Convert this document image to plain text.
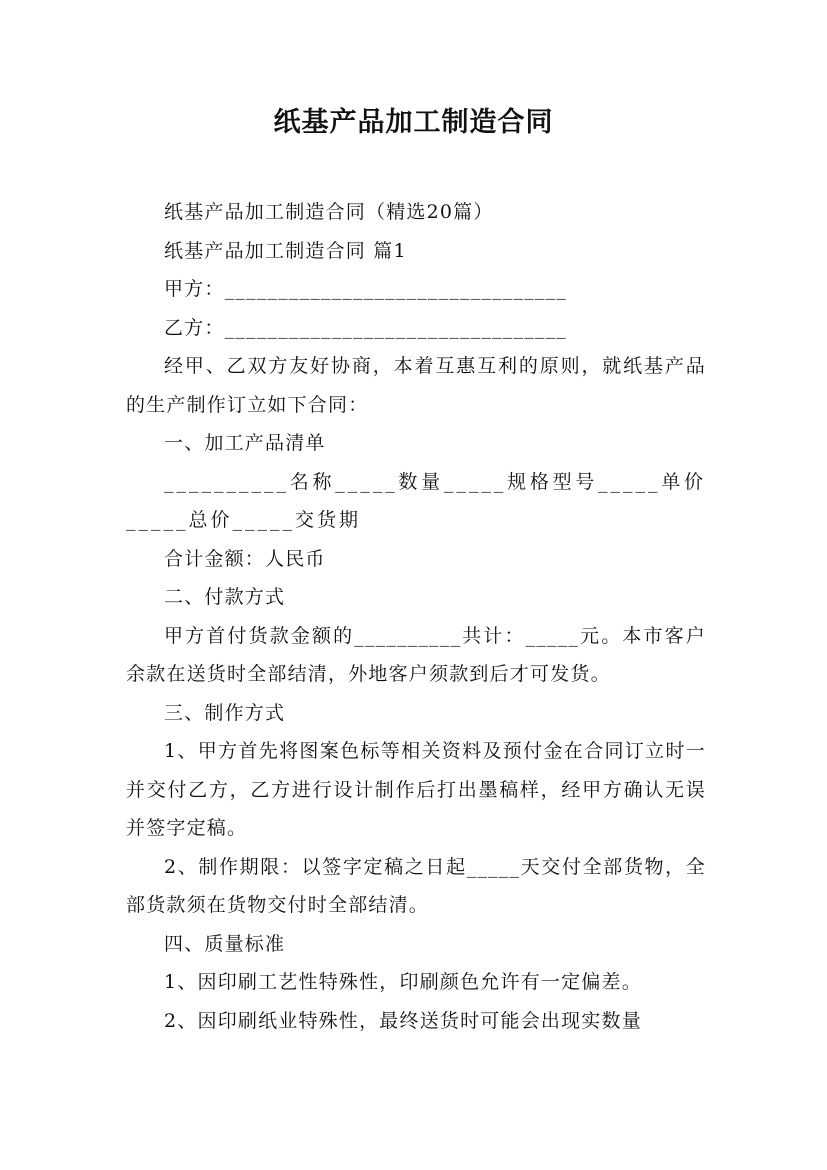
纸基产品加工制造合同

纸基产品加工制造合同（精选20篇）

纸基产品加工制造合同 篇1

甲方：________________________________

乙方：________________________________

经甲、乙双方友好协商，本着互惠互利的原则，就纸基产品的生产制作订立如下合同：

一、加工产品清单

__________名称_____数量_____规格型号_____单价_____总价_____交货期

合计金额：人民币

二、付款方式

甲方首付货款金额的__________共计：_____元。本市客户余款在送货时全部结清，外地客户须款到后才可发货。

三、制作方式

1、甲方首先将图案色标等相关资料及预付金在合同订立时一并交付乙方，乙方进行设计制作后打出墨稿样，经甲方确认无误并签字定稿。

2、制作期限：以签字定稿之日起_____天交付全部货物，全部货款须在货物交付时全部结清。

四、质量标准

1、因印刷工艺性特殊性，印刷颜色允许有一定偏差。

2、因印刷纸业特殊性，最终送货时可能会出现实数量
